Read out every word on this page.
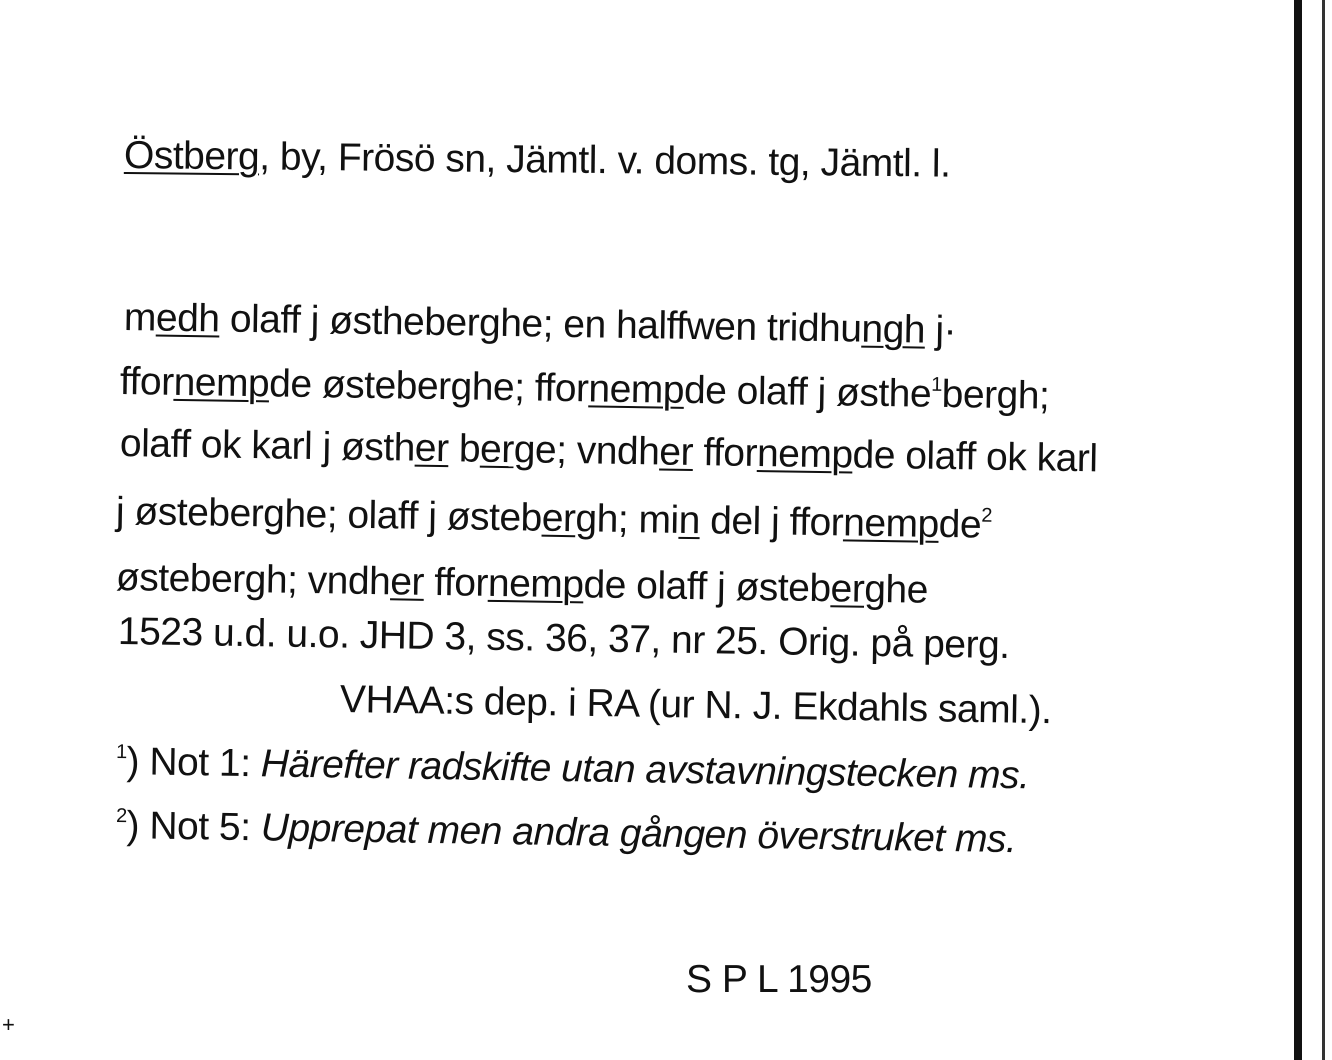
Östberg, by, Frösö sn, Jämtl. v. doms. tg, Jämtl. l.
medh olaff j østheberghe; en halffwen tridhungh j·
ffornempde østeberghe; ffornempde olaff j østhe$^1$bergh;
olaff ok karl j østher berge; vndher ffornempde olaff ok karl
j østeberghe; olaff j østebergh; min del j ffornempde$^2$
østebergh; vndher ffornempde olaff j østeberghe
1523 u.d. u.o. JHD 3, ss. 36, 37, nr 25. Orig. på perg.
VHAA:s dep. i RA (ur N. J. Ekdahls saml.).
$^1$) Not 1: Härefter radskifte utan avstavningstecken ms.
$^2$) Not 5: Upprepat men andra gången överstruket ms.
S P L 1995
+
